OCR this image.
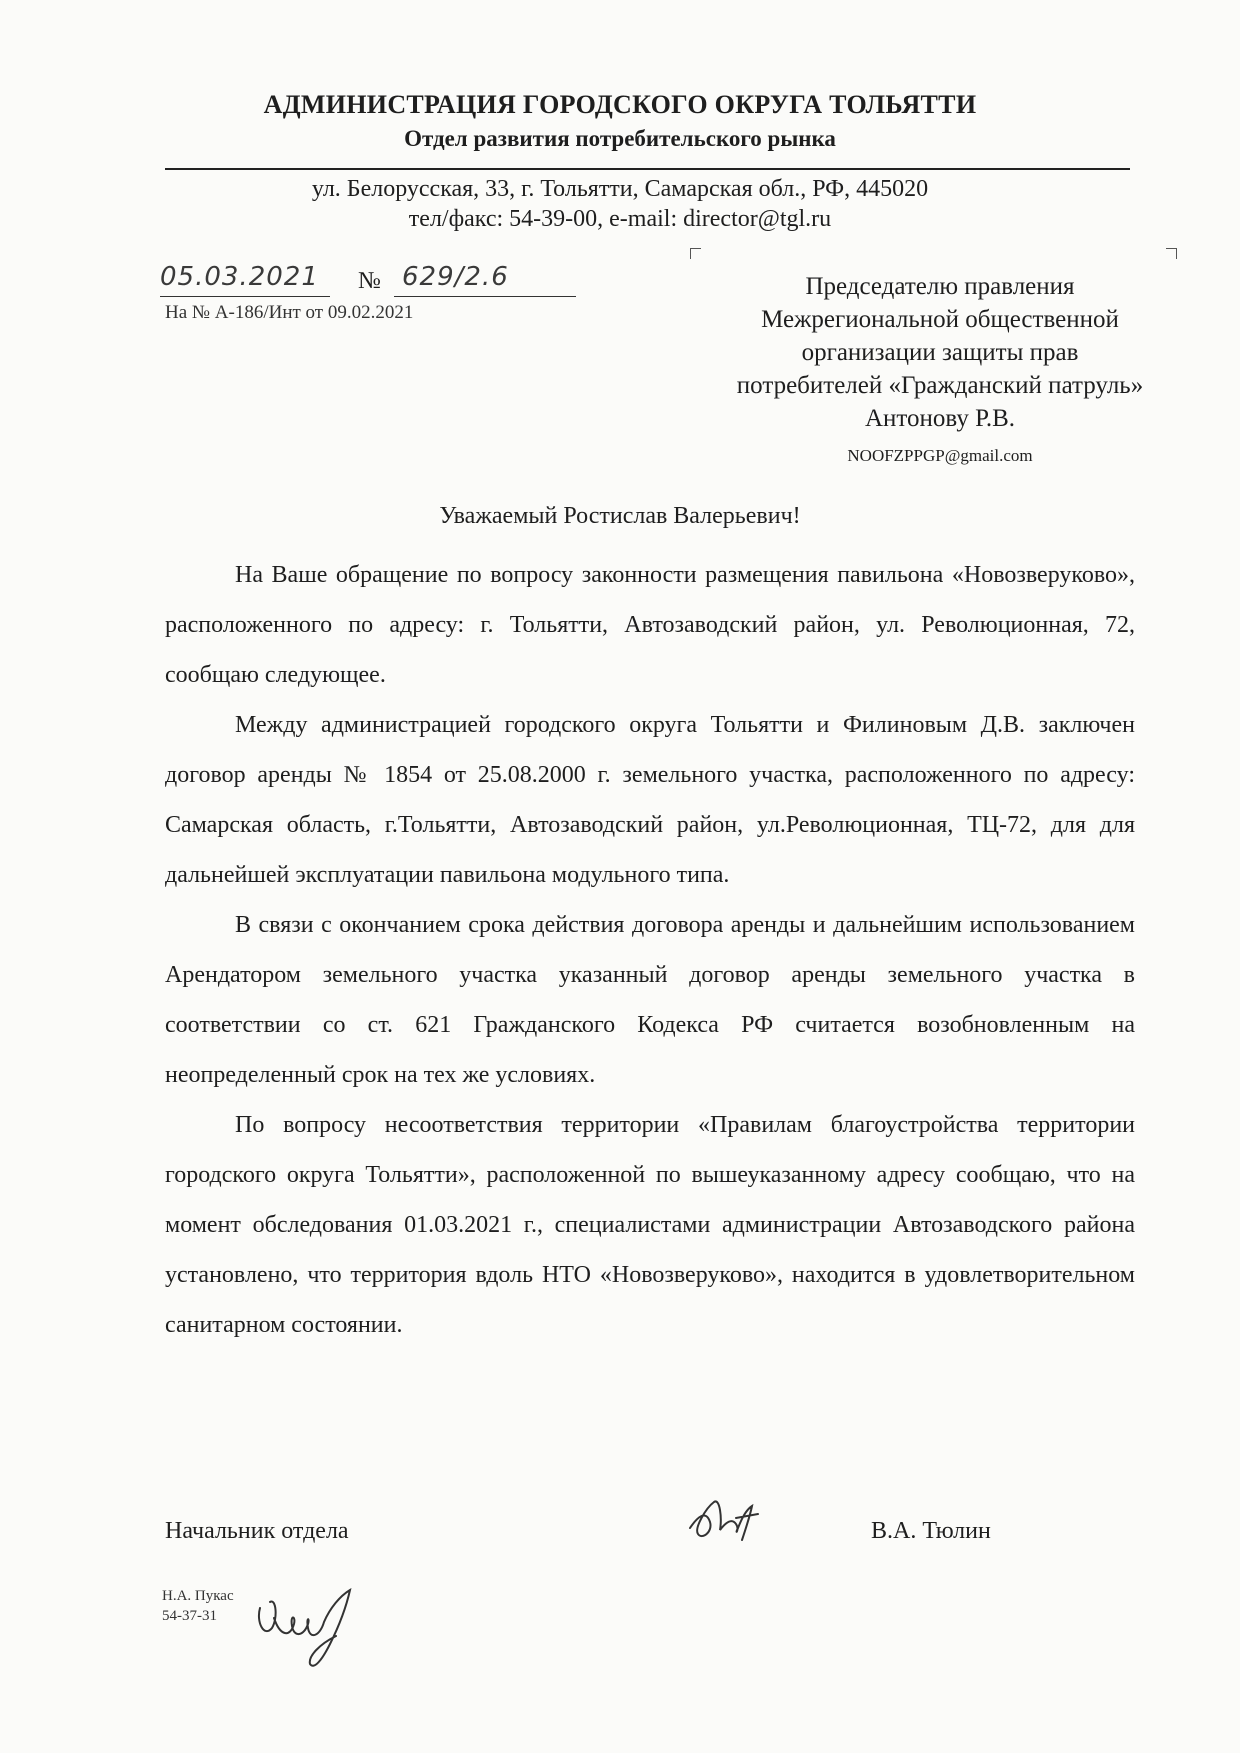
АДМИНИСТРАЦИЯ ГОРОДСКОГО ОКРУГА ТОЛЬЯТТИ
Отдел развития потребительского рынка
ул. Белорусская, 33, г. Тольятти, Самарская обл., РФ, 445020
тел/факс: 54-39-00, e-mail: director@tgl.ru
05.03.2021	№ 629/2.6
На № А-186/Инт от 09.02.2021
Председателю правления
Межрегиональной общественной
организации защиты прав
потребителей «Гражданский патруль»
Антонову Р.В.
NOOFZPPGP@gmail.com
Уважаемый Ростислав Валерьевич!

На Ваше обращение по вопросу законности размещения павильона «Новозверуково», расположенного по адресу: г. Тольятти, Автозаводский район, ул. Революционная, 72, сообщаю следующее.

Между администрацией городского округа Тольятти и Филиновым Д.В. заключен договор аренды № 1854 от 25.08.2000 г. земельного участка, расположенного по адресу: Самарская область, г.Тольятти, Автозаводский район, ул.Революционная, ТЦ-72, для для дальнейшей эксплуатации павильона модульного типа.

В связи с окончанием срока действия договора аренды и дальнейшим использованием Арендатором земельного участка указанный договор аренды земельного участка в соответствии со ст. 621 Гражданского Кодекса РФ считается возобновленным на неопределенный срок на тех же условиях.

По вопросу несоответствия территории «Правилам благоустройства территории городского округа Тольятти», расположенной по вышеуказанному адресу сообщаю, что на момент обследования 01.03.2021 г., специалистами администрации Автозаводского района установлено, что территория вдоль НТО «Новозверуково», находится в удовлетворительном санитарном состоянии.

Начальник отдела	В.А. Тюлин
Н.А. Пукас
54-37-31
